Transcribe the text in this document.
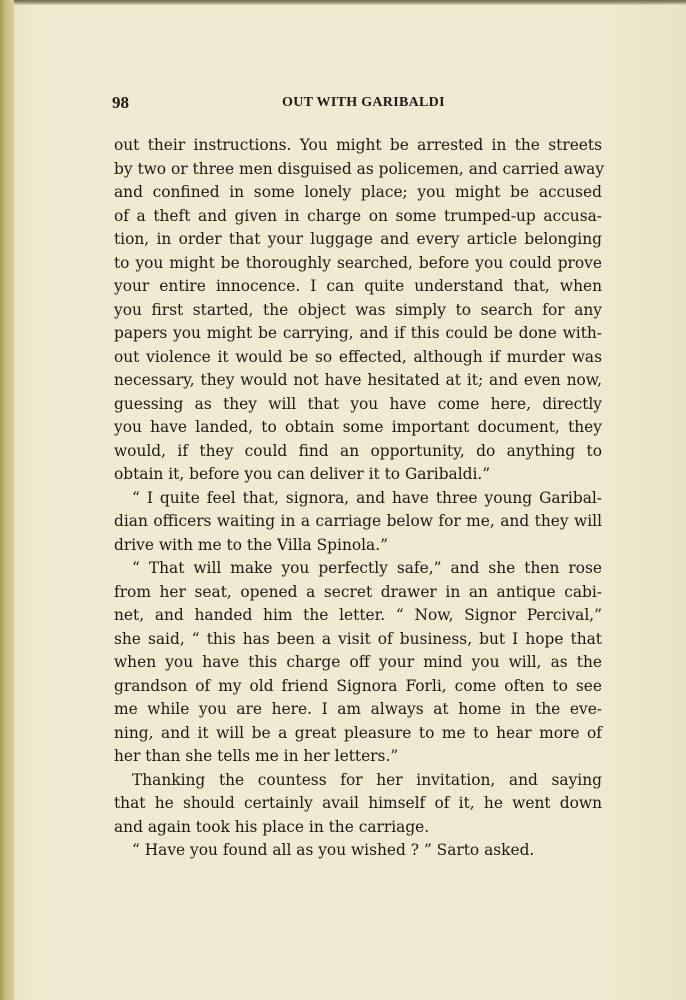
98	OUT WITH GARIBALDI
out their instructions. You might be arrested in the streets
by two or three men disguised as policemen, and carried away
and confined in some lonely place; you might be accused
of a theft and given in charge on some trumped-up accusa-
tion, in order that your luggage and every article belonging
to you might be thoroughly searched, before you could prove
your entire innocence. I can quite understand that, when
you first started, the object was simply to search for any
papers you might be carrying, and if this could be done with-
out violence it would be so effected, although if murder was
necessary, they would not have hesitated at it; and even now,
guessing as they will that you have come here, directly
you have landed, to obtain some important document, they
would, if they could find an opportunity, do anything to
obtain it, before you can deliver it to Garibaldi.”
“ I quite feel that, signora, and have three young Garibal-
dian officers waiting in a carriage below for me, and they will
drive with me to the Villa Spinola.”
“ That will make you perfectly safe,” and she then rose
from her seat, opened a secret drawer in an antique cabi-
net, and handed him the letter. “ Now, Signor Percival,”
she said, “ this has been a visit of business, but I hope that
when you have this charge off your mind you will, as the
grandson of my old friend Signora Forli, come often to see
me while you are here. I am always at home in the eve-
ning, and it will be a great pleasure to me to hear more of
her than she tells me in her letters.”
Thanking the countess for her invitation, and saying
that he should certainly avail himself of it, he went down
and again took his place in the carriage.
“ Have you found all as you wished ? ” Sarto asked.
